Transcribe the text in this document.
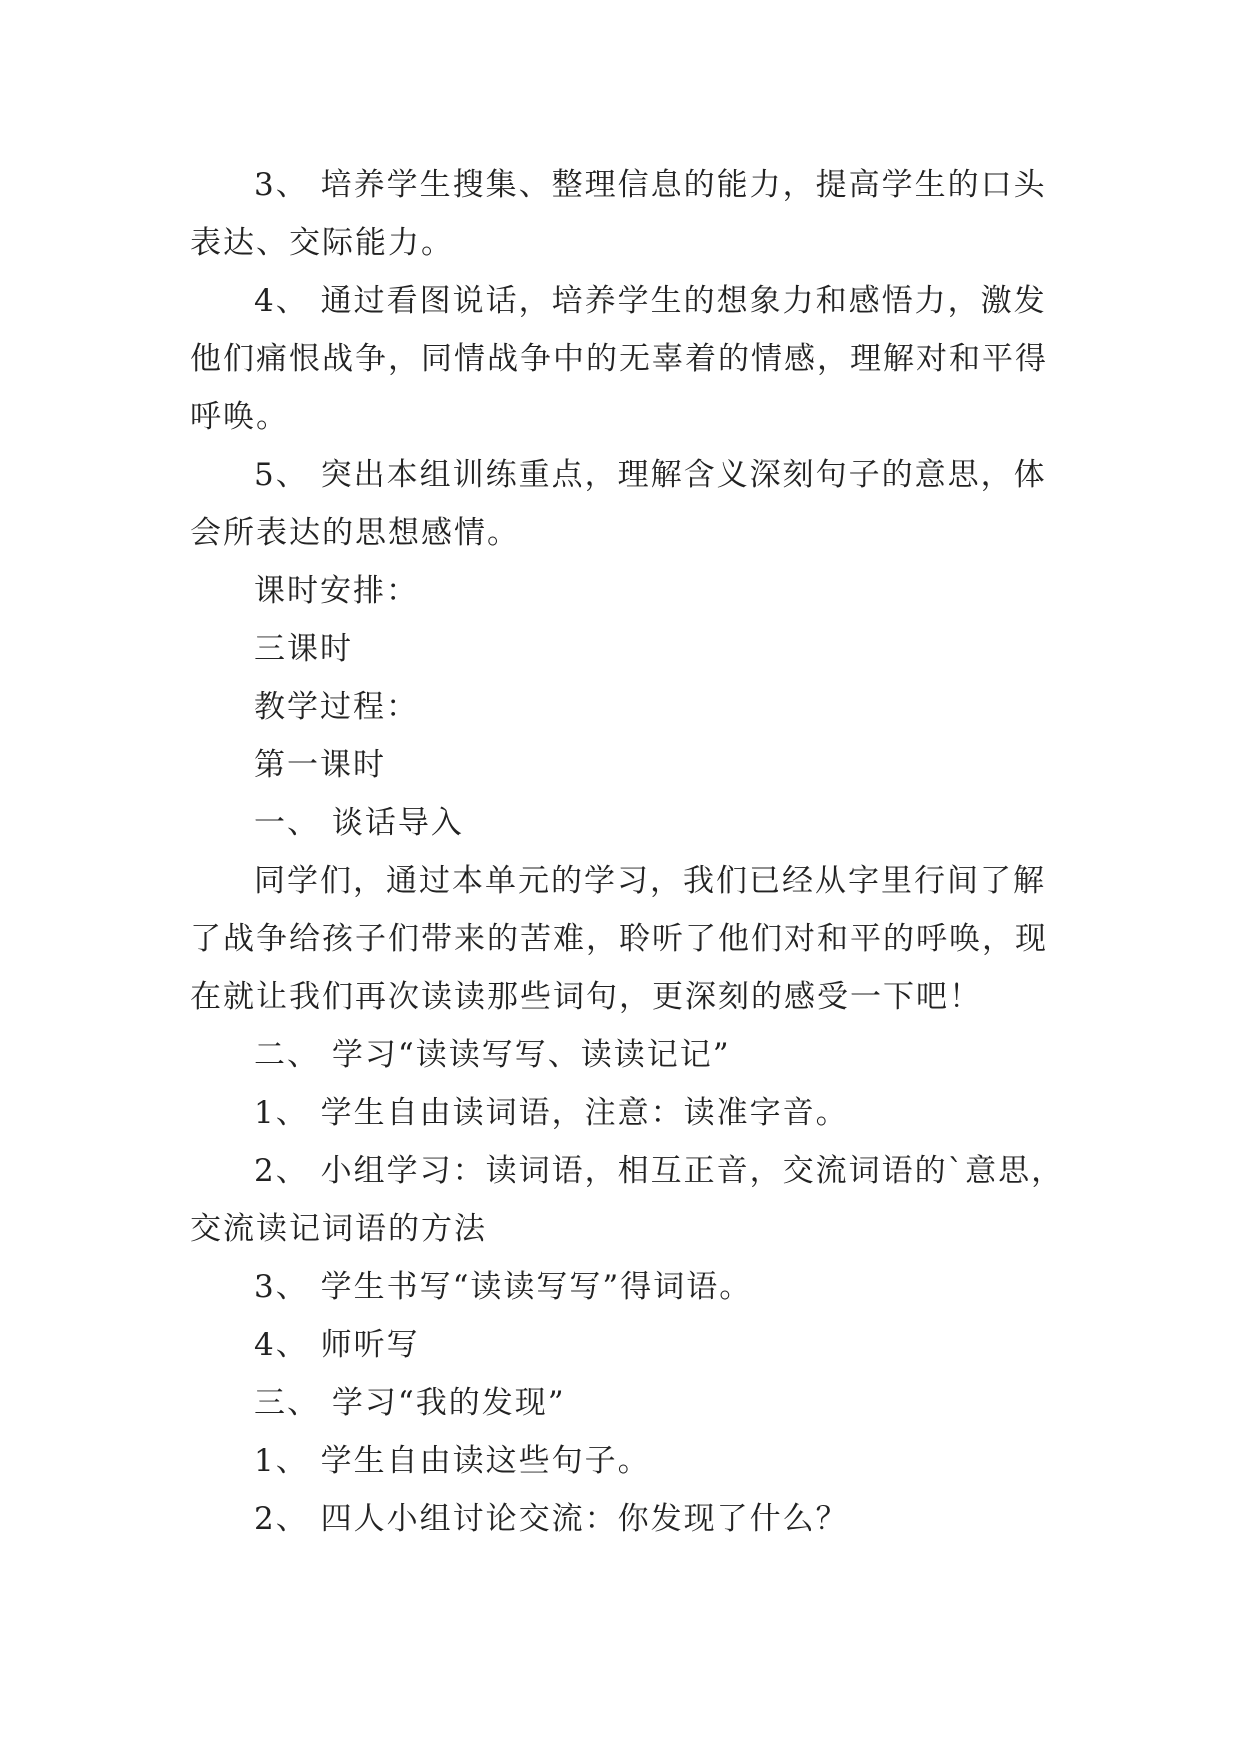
3、 培养学生搜集、整理信息的能力，提高学生的口头表达、交际能力。

4、 通过看图说话，培养学生的想象力和感悟力，激发他们痛恨战争，同情战争中的无辜着的情感，理解对和平得呼唤。

5、 突出本组训练重点，理解含义深刻句子的意思，体会所表达的思想感情。

课时安排：

三课时

教学过程：

第一课时

一、 谈话导入

同学们，通过本单元的学习，我们已经从字里行间了解了战争给孩子们带来的苦难，聆听了他们对和平的呼唤，现在就让我们再次读读那些词句，更深刻的感受一下吧！

二、 学习“读读写写、读读记记”

1、 学生自由读词语，注意：读准字音。

2、 小组学习：读词语，相互正音，交流词语的`意思，交流读记词语的方法

3、 学生书写“读读写写”得词语。

4、 师听写

三、 学习“我的发现”

1、 学生自由读这些句子。

2、 四人小组讨论交流：你发现了什么？
